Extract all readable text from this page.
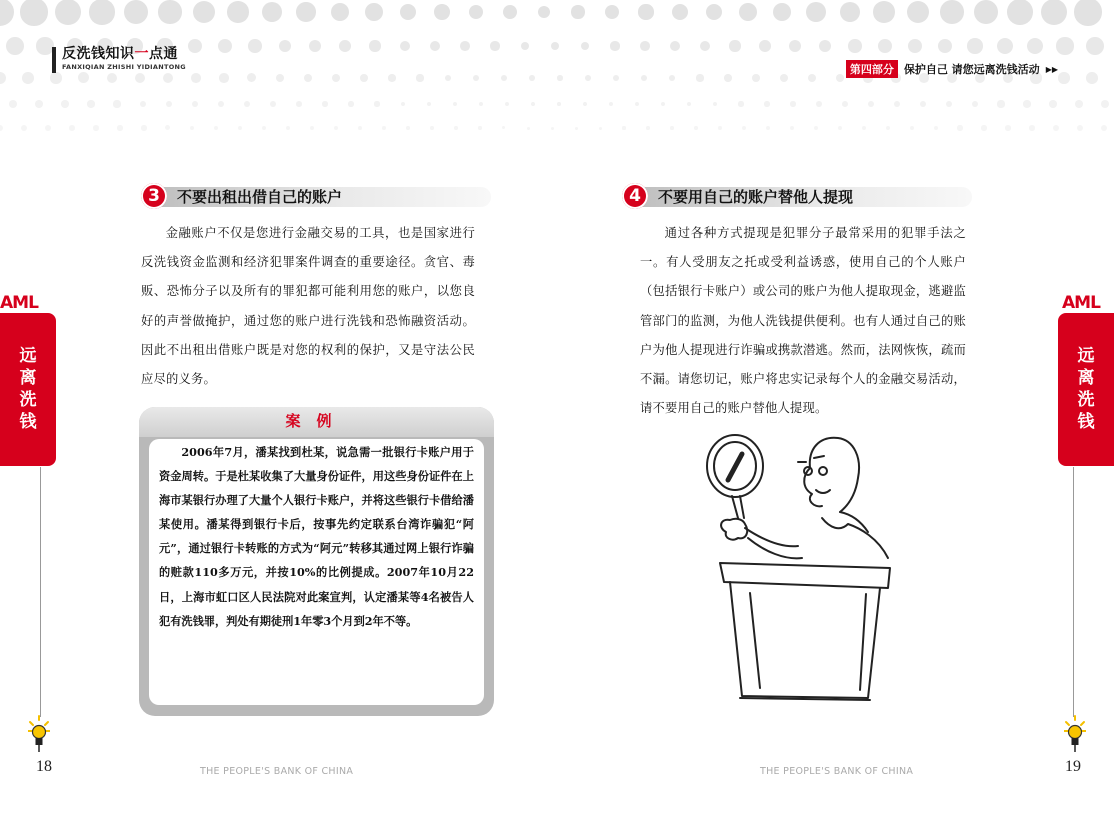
反洗钱知识一点通
FANXIQIAN ZHISHI YIDIANTONG	第四部分 保护自己 请您远离洗钱活动 ▶▶
AML
远
离
洗
钱
AML
远
离
洗
钱
18	19
3	不要出租出借自己的账户

金融账户不仅是您进行金融交易的工具，也是国家进行反洗钱资金监测和经济犯罪案件调查的重要途径。贪官、毒贩、恐怖分子以及所有的罪犯都可能利用您的账户，以您良好的声誉做掩护，通过您的账户进行洗钱和恐怖融资活动。因此不出租出借账户既是对您的权利的保护，又是守法公民应尽的义务。

案例

2006年7月，潘某找到杜某，说急需一批银行卡账户用于资金周转。于是杜某收集了大量身份证件，用这些身份证件在上海市某银行办理了大量个人银行卡账户，并将这些银行卡借给潘某使用。潘某得到银行卡后，按事先约定联系台湾诈骗犯“阿元”，通过银行卡转账的方式为“阿元”转移其通过网上银行诈骗的赃款110多万元，并按10%的比例提成。2007年10月22日，上海市虹口区人民法院对此案宣判，认定潘某等4名被告人犯有洗钱罪，判处有期徒刑1年零3个月到2年不等。

4	不要用自己的账户替他人提现

通过各种方式提现是犯罪分子最常采用的犯罪手法之一。有人受朋友之托或受利益诱惑，使用自己的个人账户（包括银行卡账户）或公司的账户为他人提取现金，逃避监管部门的监测，为他人洗钱提供便利。也有人通过自己的账户为他人提现进行诈骗或携款潜逃。然而，法网恢恢，疏而不漏。请您切记，账户将忠实记录每个人的金融交易活动，请不要用自己的账户替他人提现。

THE PEOPLE'S BANK OF CHINA	THE PEOPLE'S BANK OF CHINA
